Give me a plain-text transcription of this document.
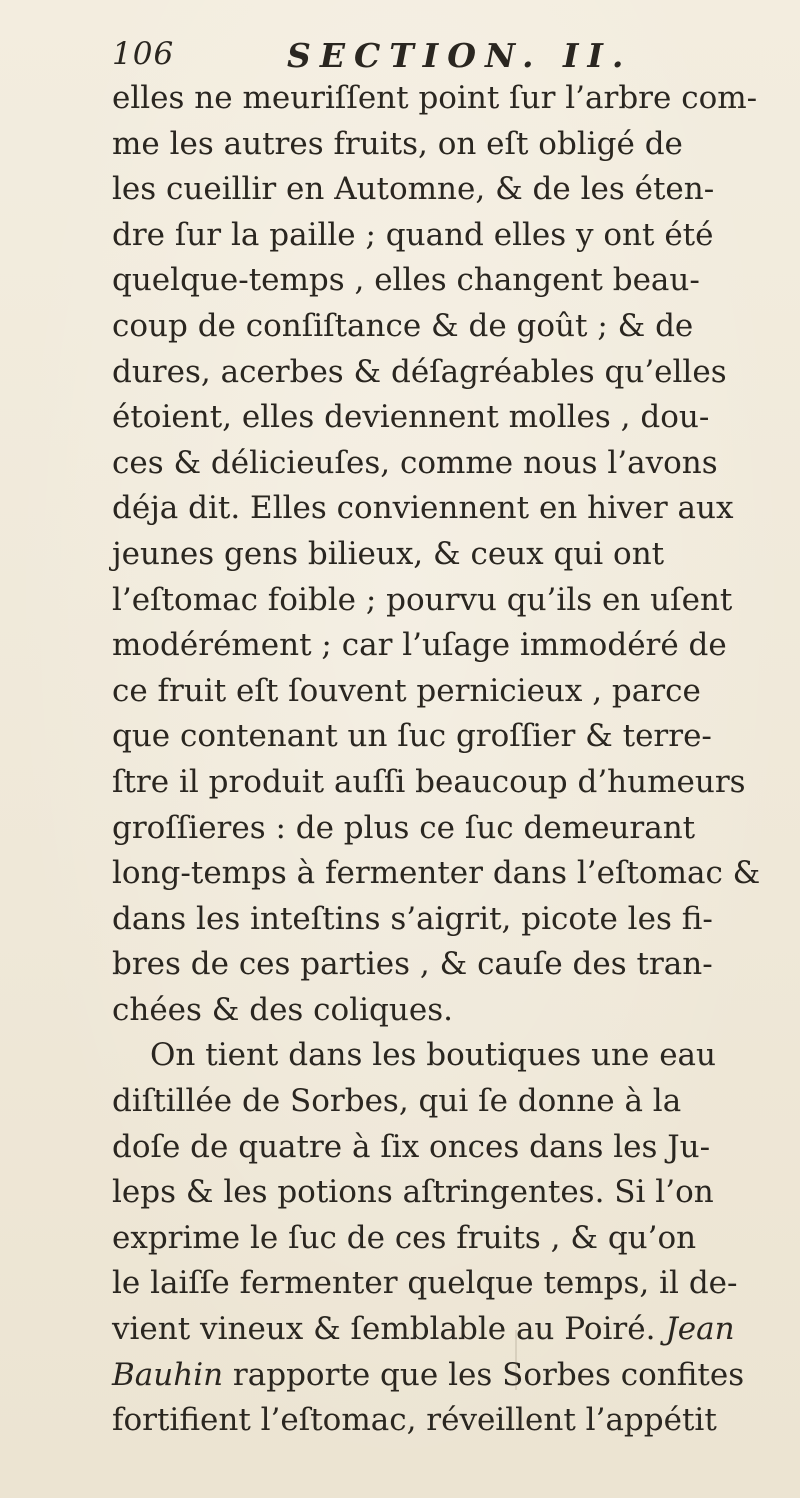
106	SECTION. II.
elles ne meuriſſent point ſur l’arbre com-
me les autres fruits, on eſt obligé de
les cueillir en Automne, & de les éten-
dre ſur la paille ; quand elles y ont été
quelque-temps , elles changent beau-
coup de conſiſtance & de goût ; & de
dures, acerbes & déſagréables qu’elles
étoient, elles deviennent molles , dou-
ces & délicieuſes, comme nous l’avons
déja dit. Elles conviennent en hiver aux
jeunes gens bilieux, & ceux qui ont
l’eſtomac foible ; pourvu qu’ils en uſent
modérément ; car l’uſage immodéré de
ce fruit eſt ſouvent pernicieux , parce
que contenant un ſuc groſſier & terre-
ſtre il produit auſſi beaucoup d’humeurs
groſſieres : de plus ce ſuc demeurant
long-temps à fermenter dans l’eſtomac &
dans les inteſtins s’aigrit, picote les fi-
bres de ces parties , & cauſe des tran-
chées & des coliques.
On tient dans les boutiques une eau
diſtillée de Sorbes, qui ſe donne à la
doſe de quatre à ſix onces dans les Ju-
leps & les potions aſtringentes. Si l’on
exprime le ſuc de ces fruits , & qu’on
le laiſſe fermenter quelque temps, il de-
vient vineux & ſemblable au Poiré. Jean
Bauhin rapporte que les Sorbes confites
fortifient l’eſtomac, réveillent l’appétit
